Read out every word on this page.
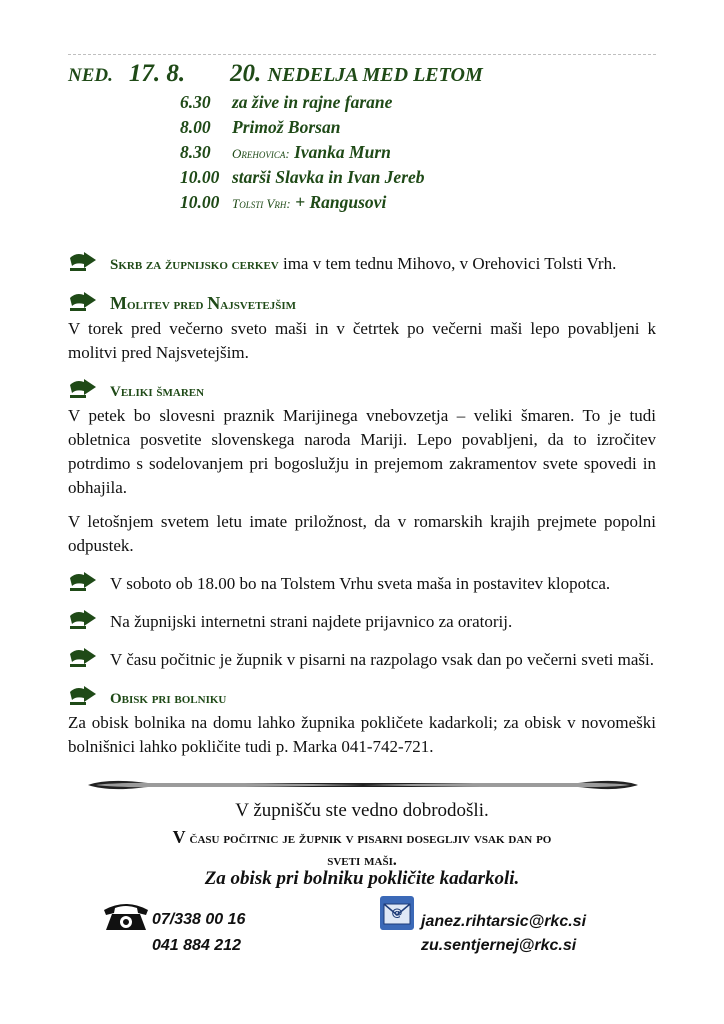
NED. 17. 8. 20. NEDELJA MED LETOM
6.30 za žive in rajne farane
8.00 Primož Borsan
8.30 Orehovica: Ivanka Murn
10.00 starši Slavka in Ivan Jereb
10.00 Tolsti Vrh: + Rangusovi
Skrb za župnijsko cerkev ima v tem tednu Mihovo, v Orehovici Tolsti Vrh.
Molitev pred Najsvetejšim

V torek pred večerno sveto maši in v četrtek po večerni maši lepo povabljeni k molitvi pred Najsvetejšim.

Veliki šmaren

V petek bo slovesni praznik Marijinega vnebovzetja – veliki šmaren. To je tudi obletnica posvetite slovenskega naroda Mariji. Lepo povabljeni, da to izročitev potrdimo s sodelovanjem pri bogoslužju in prejemom zakramentov svete spovedi in obhajila.

V letošnjem svetem letu imate priložnost, da v romarskih krajih prejmete popolni odpustek.

V soboto ob 18.00 bo na Tolstem Vrhu sveta maša in postavitev klopotca.
Na župnijski internetni strani najdete prijavnico za oratorij.
V času počitnic je župnik v pisarni na razpolago vsak dan po večerni sveti maši.
Obisk pri bolniku

Za obisk bolnika na domu lahko župnika pokličete kadarkoli; za obisk v novomeški bolnišnici lahko pokličite tudi p. Marka 041-742-721.

V župnišču ste vedno dobrodošli.
V času počitnic je župnik v pisarni dosegljiv vsak dan po
sveti maši.
Za obisk pri bolniku pokličite kadarkoli.
07/338 00 16
041 884 212
@
janez.rihtarsic@rkc.si
zu.sentjernej@rkc.si
